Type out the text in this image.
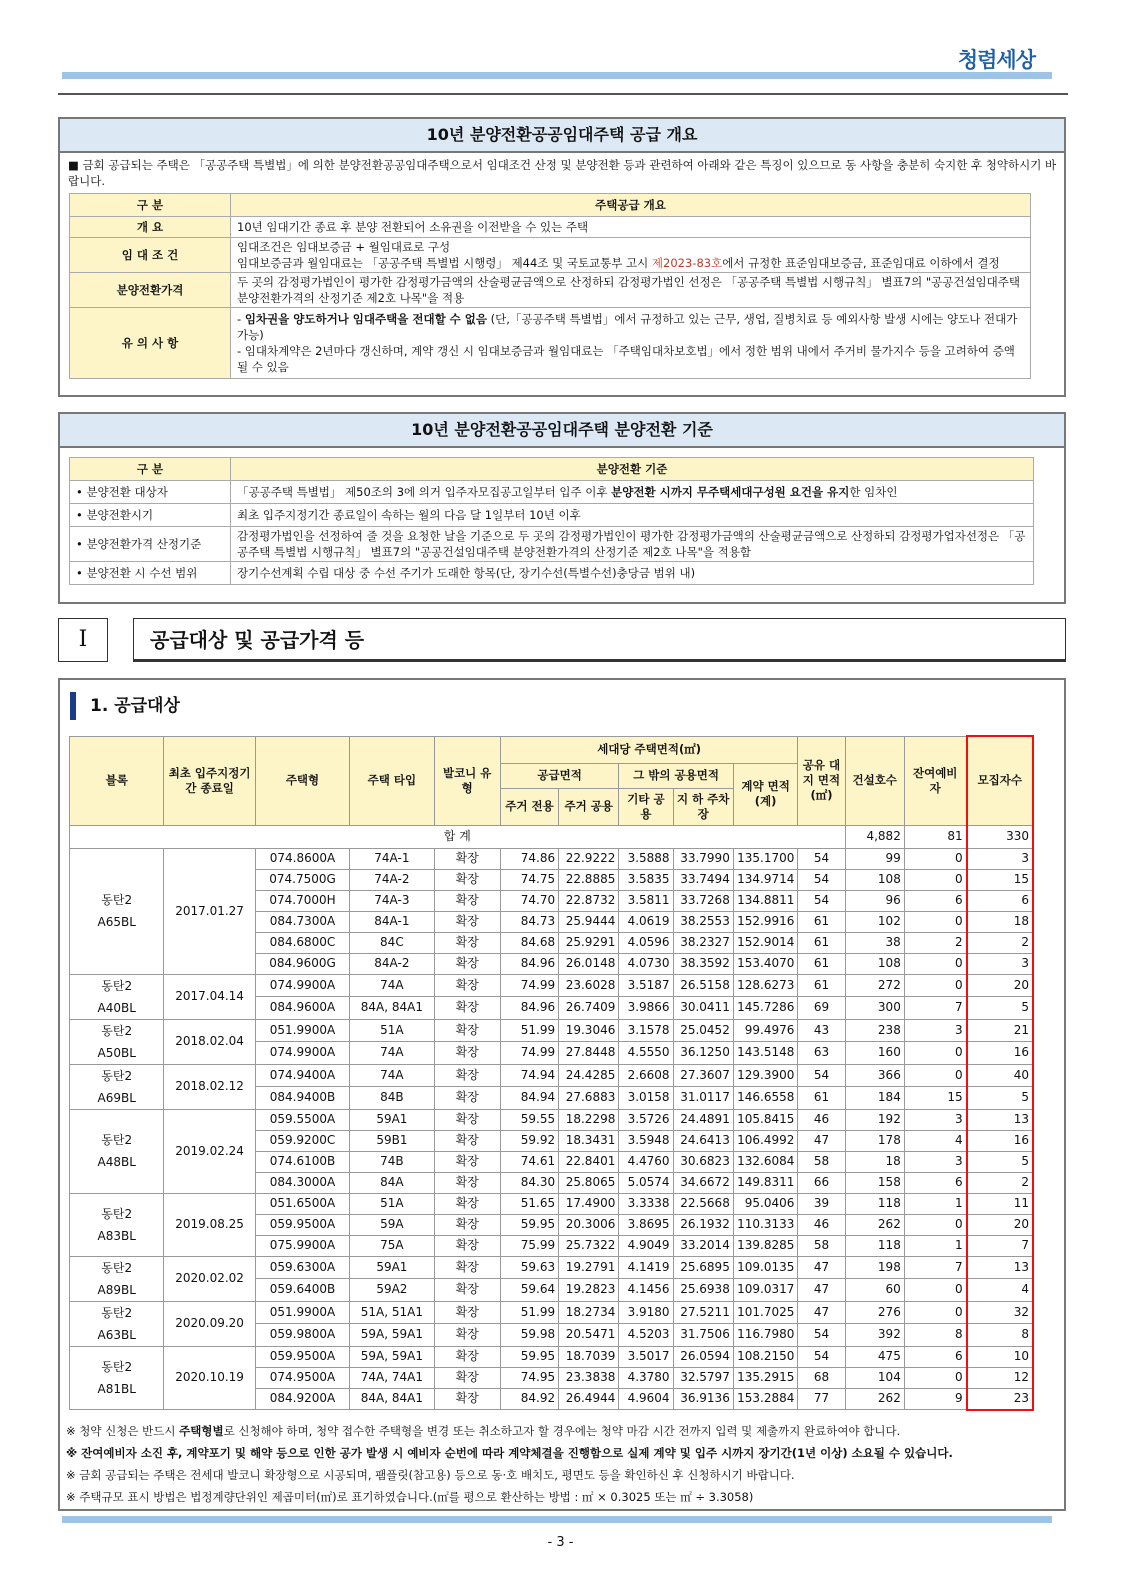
청렴세상
10년 분양전환공공임대주택 공급 개요
■ 금회 공급되는 주택은 「공공주택 특별법」에 의한 분양전환공공임대주택으로서 임대조건 산정 및 분양전환 등과 관련하여 아래와 같은 특징이 있으므로 동 사항을 충분히 숙지한 후 청약하시기 바랍니다.
구 분	주택공급 개요
개 요	10년 임대기간 종료 후 분양 전환되어 소유권을 이전받을 수 있는 주택
임 대 조 건	임대조건은 임대보증금 + 월임대료로 구성
임대보증금과 월임대료는 「공공주택 특별법 시행령」 제44조 및 국토교통부 고시 제2023-83호에서 규정한 표준임대보증금, 표준임대료 이하에서 결정

분양전환가격	두 곳의 감정평가법인이 평가한 감정평가금액의 산술평균금액으로 산정하되 감정평가법인 선정은 「공공주택 특별법 시행규칙」 별표7의 "공공건설임대주택 분양전환가격의 산정기준 제2호 나목"을 적용
유 의 사 항	- 임차권을 양도하거나 임대주택을 전대할 수 없음 (단,「공공주택 특별법」에서 규정하고 있는 근무, 생업, 질병치료 등 예외사항 발생 시에는 양도나 전대가 가능)
- 임대차계약은 2년마다 갱신하며, 계약 갱신 시 임대보증금과 월임대료는 「주택임대차보호법」에서 정한 범위 내에서 주거비 물가지수 등을 고려하여 증액될 수 있음
10년 분양전환공공임대주택 분양전환 기준
구 분	분양전환 기준
• 분양전환 대상자	「공공주택 특별법」 제50조의 3에 의거 입주자모집공고일부터 입주 이후 분양전환 시까지 무주택세대구성원 요건을 유지한 임차인
• 분양전환시기	최초 입주지정기간 종료일이 속하는 월의 다음 달 1일부터 10년 이후
• 분양전환가격 산정기준	감정평가법인을 선정하여 줄 것을 요청한 날을 기준으로 두 곳의 감정평가법인이 평가한 감정평가금액의 산술평균금액으로 산정하되 감정평가업자선정은 「공공주택 특별법 시행규칙」 별표7의 "공공건설임대주택 분양전환가격의 산정기준 제2호 나목"을 적용함
• 분양전환 시 수선 범위	장기수선계획 수립 대상 중 수선 주기가 도래한 항목(단, 장기수선(특별수선)충당금 범위 내)
Ⅰ	공급대상 및 공급가격 등
1. 공급대상
블록	최초 입주지정기간 종료일	주택형	주택 타입	발코니 유형	세대당 주택면적(㎡)					공유 대지 면적 (㎡)	건설호수	잔여예비자	모집자수
					공급면적		그 밖의 공용면적		계약 면적 (계)				
					주거 전용	주거 공용	기타 공용	지 하 주차장					
합 계											4,882	81	330
동탄2 A65BL	2017.01.27	074.8600A	74A-1	확장	74.86	22.9222	3.5888	33.7990	135.1700	54	99	0	3
		074.7500G	74A-2	확장	74.75	22.8885	3.5835	33.7494	134.9714	54	108	0	15
		074.7000H	74A-3	확장	74.70	22.8732	3.5811	33.7268	134.8811	54	96	6	6
		084.7300A	84A-1	확장	84.73	25.9444	4.0619	38.2553	152.9916	61	102	0	18
		084.6800C	84C	확장	84.68	25.9291	4.0596	38.2327	152.9014	61	38	2	2
		084.9600G	84A-2	확장	84.96	26.0148	4.0730	38.3592	153.4070	61	108	0	3
동탄2 A40BL	2017.04.14	074.9900A	74A	확장	74.99	23.6028	3.5187	26.5158	128.6273	61	272	0	20
		084.9600A	84A, 84A1	확장	84.96	26.7409	3.9866	30.0411	145.7286	69	300	7	5
동탄2 A50BL	2018.02.04	051.9900A	51A	확장	51.99	19.3046	3.1578	25.0452	99.4976	43	238	3	21
		074.9900A	74A	확장	74.99	27.8448	4.5550	36.1250	143.5148	63	160	0	16
동탄2 A69BL	2018.02.12	074.9400A	74A	확장	74.94	24.4285	2.6608	27.3607	129.3900	54	366	0	40
		084.9400B	84B	확장	84.94	27.6883	3.0158	31.0117	146.6558	61	184	15	5
동탄2 A48BL	2019.02.24	059.5500A	59A1	확장	59.55	18.2298	3.5726	24.4891	105.8415	46	192	3	13
		059.9200C	59B1	확장	59.92	18.3431	3.5948	24.6413	106.4992	47	178	4	16
		074.6100B	74B	확장	74.61	22.8401	4.4760	30.6823	132.6084	58	18	3	5
		084.3000A	84A	확장	84.30	25.8065	5.0574	34.6672	149.8311	66	158	6	2
동탄2 A83BL	2019.08.25	051.6500A	51A	확장	51.65	17.4900	3.3338	22.5668	95.0406	39	118	1	11
		059.9500A	59A	확장	59.95	20.3006	3.8695	26.1932	110.3133	46	262	0	20
		075.9900A	75A	확장	75.99	25.7322	4.9049	33.2014	139.8285	58	118	1	7
동탄2 A89BL	2020.02.02	059.6300A	59A1	확장	59.63	19.2791	4.1419	25.6895	109.0135	47	198	7	13
		059.6400B	59A2	확장	59.64	19.2823	4.1456	25.6938	109.0317	47	60	0	4
동탄2 A63BL	2020.09.20	051.9900A	51A, 51A1	확장	51.99	18.2734	3.9180	27.5211	101.7025	47	276	0	32
		059.9800A	59A, 59A1	확장	59.98	20.5471	4.5203	31.7506	116.7980	54	392	8	8
동탄2 A81BL	2020.10.19	059.9500A	59A, 59A1	확장	59.95	18.7039	3.5017	26.0594	108.2150	54	475	6	10
		074.9500A	74A, 74A1	확장	74.95	23.3838	4.3780	32.5797	135.2915	68	104	0	12
		084.9200A	84A, 84A1	확장	84.92	26.4944	4.9604	36.9136	153.2884	77	262	9	23
※ 청약 신청은 반드시 주택형별로 신청해야 하며, 청약 접수한 주택형을 변경 또는 취소하고자 할 경우에는 청약 마감 시간 전까지 입력 및 제출까지 완료하여야 합니다.
※ 잔여예비자 소진 후, 계약포기 및 해약 등으로 인한 공가 발생 시 예비자 순번에 따라 계약체결을 진행함으로 실제 계약 및 입주 시까지 장기간(1년 이상) 소요될 수 있습니다.
※ 금회 공급되는 주택은 전세대 발코니 확장형으로 시공되며, 팸플릿(참고용) 등으로 동·호 배치도, 평면도 등을 확인하신 후 신청하시기 바랍니다.
※ 주택규모 표시 방법은 법정계량단위인 제곱미터(㎡)로 표기하였습니다.(㎡를 평으로 환산하는 방법 : ㎡ × 0.3025 또는 ㎡ ÷ 3.3058)
- 3 -
